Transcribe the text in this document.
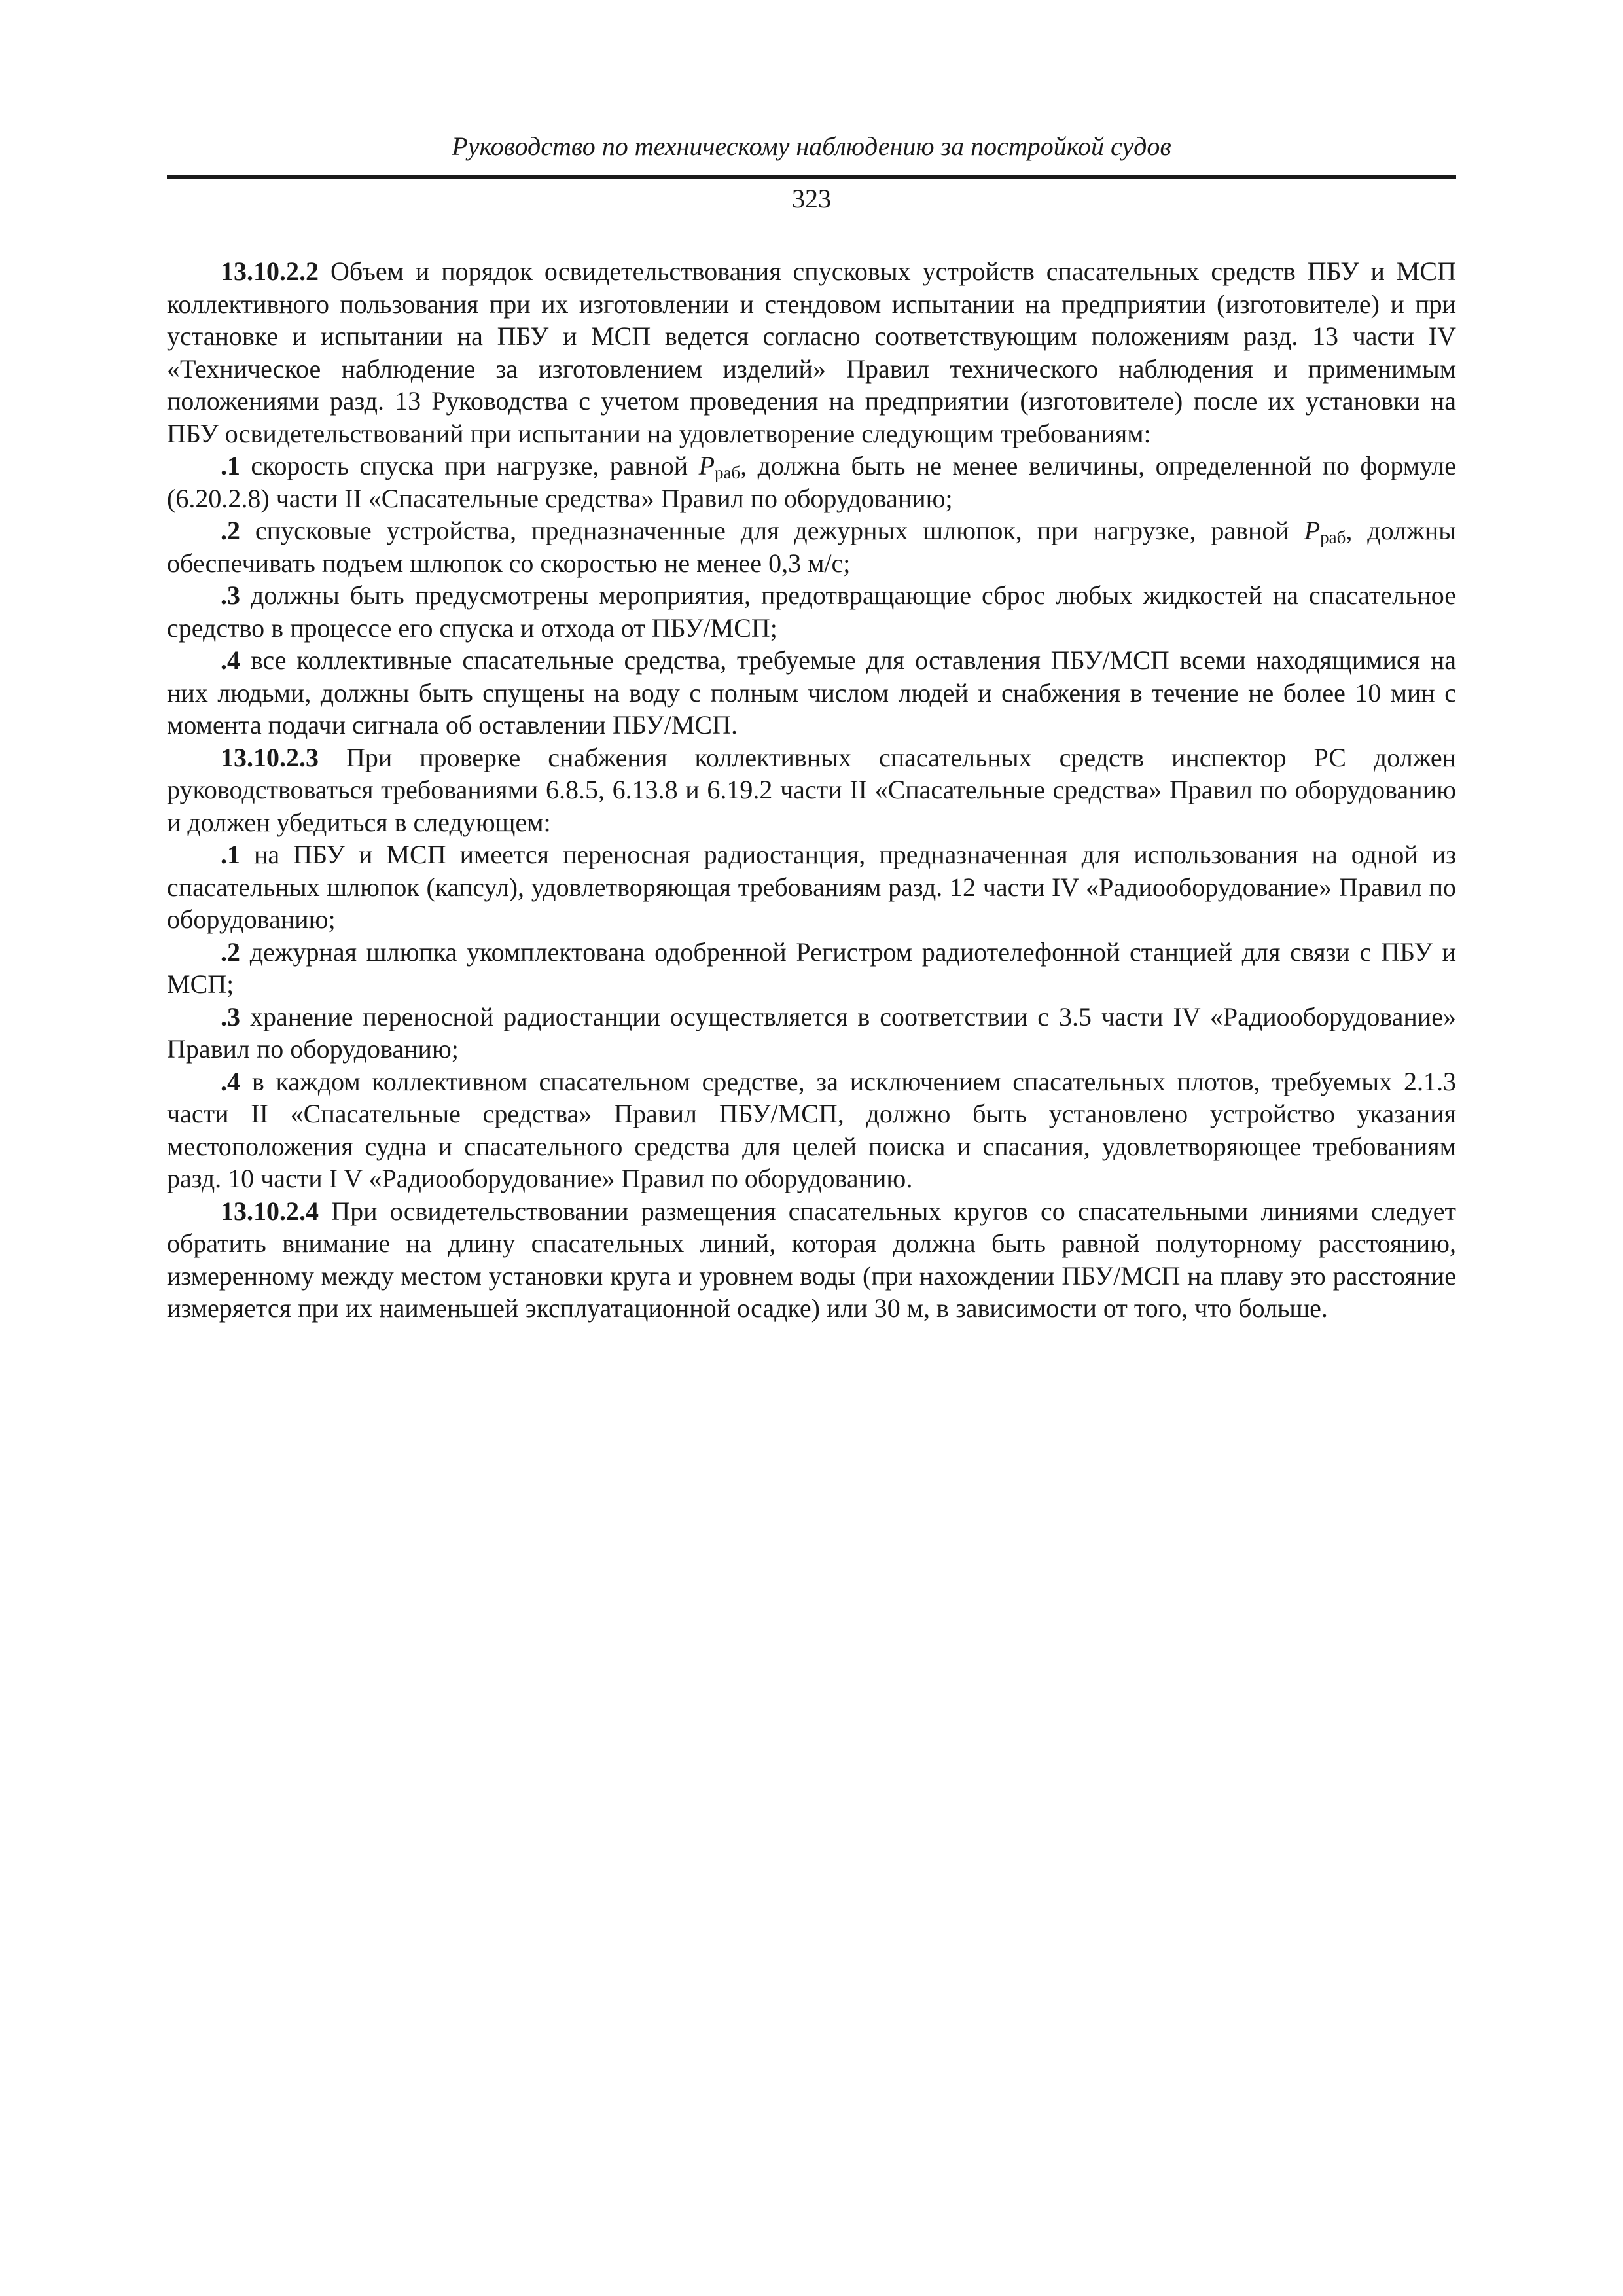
Руководство по техническому наблюдению за постройкой судов
323

13.10.2.2 Объем и порядок освидетельствования спусковых устройств спасательных средств ПБУ и МСП коллективного пользования при их изготовлении и стендовом испытании на предприятии (изготовителе) и при установке и испытании на ПБУ и МСП ведется согласно соответствующим положениям разд. 13 части IV «Техническое наблюдение за изготовлением изделий» Правил технического наблюдения и применимым положениями разд. 13 Руководства с учетом проведения на предприятии (изготовителе) после их установки на ПБУ освидетельствований при испытании на удовлетворение следующим требованиям:

.1 скорость спуска при нагрузке, равной $P_{раб}$, должна быть не менее величины, определенной по формуле (6.20.2.8) части II «Спасательные средства» Правил по оборудованию;

.2 спусковые устройства, предназначенные для дежурных шлюпок, при нагрузке, равной $P_{раб}$, должны обеспечивать подъем шлюпок со скоростью не менее 0,3 м/с;

.3 должны быть предусмотрены мероприятия, предотвращающие сброс любых жидкостей на спасательное средство в процессе его спуска и отхода от ПБУ/МСП;

.4 все коллективные спасательные средства, требуемые для оставления ПБУ/МСП всеми находящимися на них людьми, должны быть спущены на воду с полным числом людей и снабжения в течение не более 10 мин с момента подачи сигнала об оставлении ПБУ/МСП.

13.10.2.3 При проверке снабжения коллективных спасательных средств инспектор РС должен руководствоваться требованиями 6.8.5, 6.13.8 и 6.19.2 части II «Спасательные средства» Правил по оборудованию и должен убедиться в следующем:

.1 на ПБУ и МСП имеется переносная радиостанция, предназначенная для использования на одной из спасательных шлюпок (капсул), удовлетворяющая требованиям разд. 12 части IV «Радиооборудование» Правил по оборудованию;

.2 дежурная шлюпка укомплектована одобренной Регистром радиотелефонной станцией для связи с ПБУ и МСП;

.3 хранение переносной радиостанции осуществляется в соответствии с 3.5 части IV «Радиооборудование» Правил по оборудованию;

.4 в каждом коллективном спасательном средстве, за исключением спасательных плотов, требуемых 2.1.3 части II «Спасательные средства» Правил ПБУ/МСП, должно быть установлено устройство указания местоположения судна и спасательного средства для целей поиска и спасания, удовлетворяющее требованиям разд. 10 части I V «Радиооборудование» Правил по оборудованию.

13.10.2.4 При освидетельствовании размещения спасательных кругов со спасательными линиями следует обратить внимание на длину спасательных линий, которая должна быть равной полуторному расстоянию, измеренному между местом установки круга и уровнем воды (при нахождении ПБУ/МСП на плаву это расстояние измеряется при их наименьшей эксплуатационной осадке) или 30 м, в зависимости от того, что больше.
